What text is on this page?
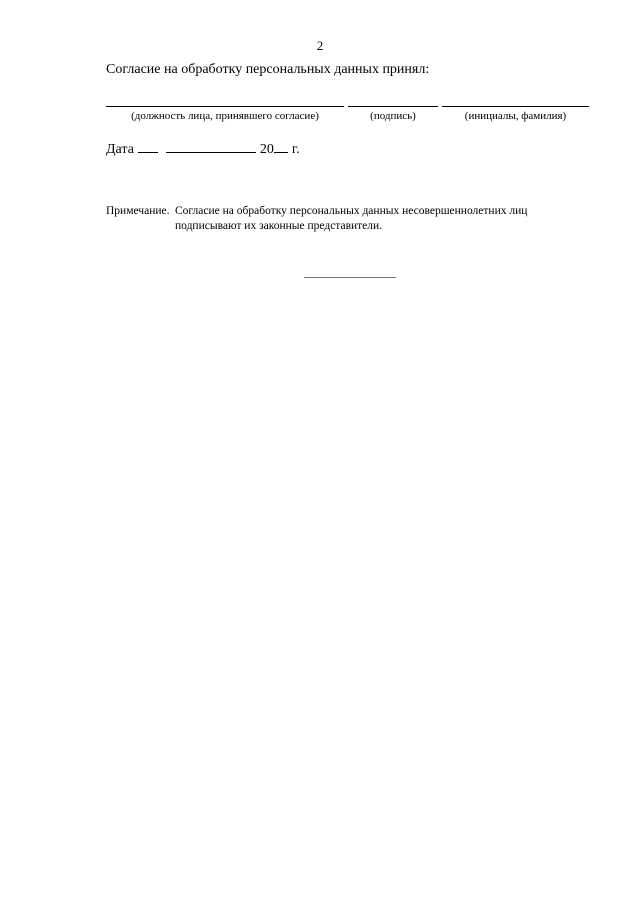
2
Согласие на обработку персональных данных принял:
(должность лица, принявшего согласие)	(подпись)	(инициалы, фамилия)
Дата	20 г.
Примечание. Согласие на обработку персональных данных несовершеннолетних лиц подписывают их законные представители.
